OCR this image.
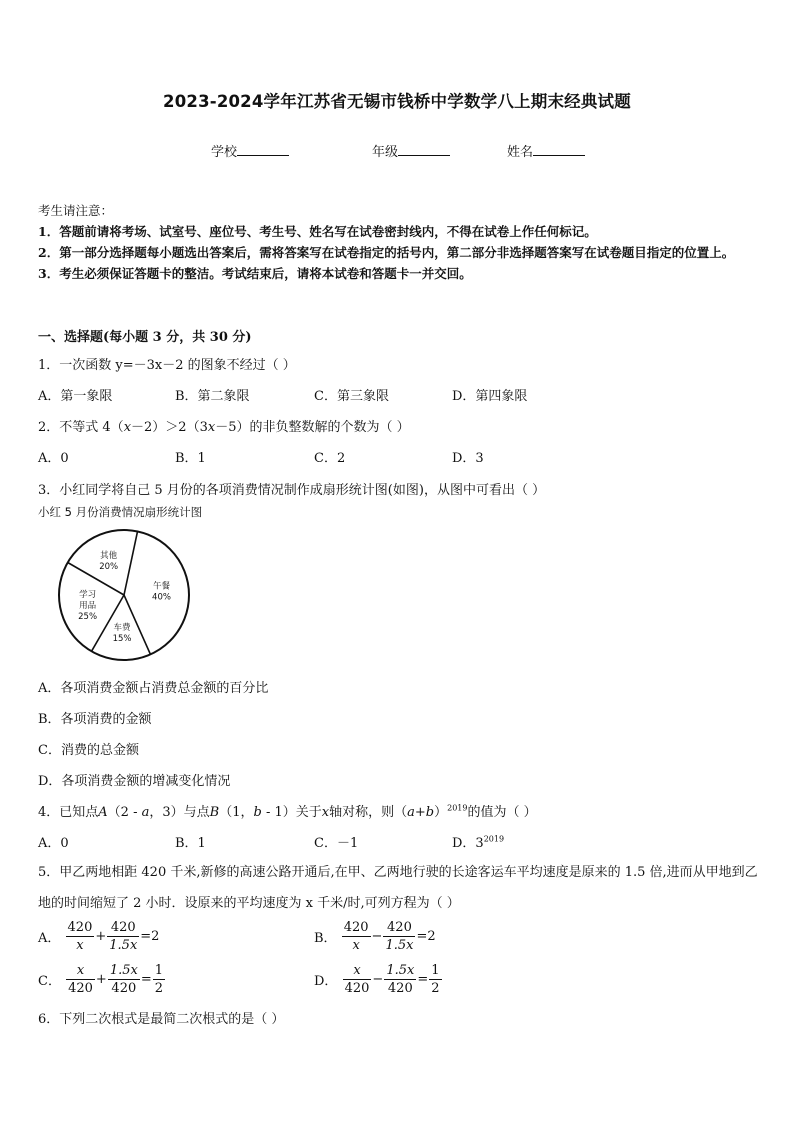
2023-2024学年江苏省无锡市钱桥中学数学八上期末经典试题
学校	年级	姓名
考生请注意：
1．答题前请将考场、试室号、座位号、考生号、姓名写在试卷密封线内，不得在试卷上作任何标记。
2．第一部分选择题每小题选出答案后，需将答案写在试卷指定的括号内，第二部分非选择题答案写在试卷题目指定的位置上。
3．考生必须保证答题卡的整洁。考试结束后，请将本试卷和答题卡一并交回。
一、选择题(每小题 3 分，共 30 分)
1．一次函数 y=－3x－2 的图象不经过（ ）
A．第一象限	B．第二象限	C．第三象限	D．第四象限
2．不等式 4（x－2）＞2（3x－5）的非负整数解的个数为（ ）
A．0	B．1	C．2	D．3
3．小红同学将自己 5 月份的各项消费情况制作成扇形统计图(如图)，从图中可看出（ ）
小红 5 月份消费情况扇形统计图
午餐
40%
车费
15%
学习
用品
25%
其他
20%
A．各项消费金额占消费总金额的百分比
B．各项消费的金额
C．消费的总金额
D．各项消费金额的增减变化情况
4．已知点A（2 - a，3）与点B（1，b - 1）关于x轴对称，则$(a+b)^{2019}$的值为（ ）
A．0	B．1	C．－1	D．$3^{2019}$
5．甲乙两地相距 420 千米,新修的高速公路开通后,在甲、乙两地行驶的长途客运车平均速度是原来的 1.5 倍,进而从甲地到乙地的时间缩短了 2 小时．设原来的平均速度为 x 千米/时,可列方程为（ ）
A． $\frac{420}{x} + \frac{420}{1.5x} =2$	B． $\frac{420}{x} - \frac{420}{1.5x} =2$
C． $\frac{x}{420} + \frac{1.5x}{420} = \frac{1}{2}$	D． $\frac{x}{420} - \frac{1.5x}{420} = \frac{1}{2}$
6．下列二次根式是最简二次根式的是（ ）
